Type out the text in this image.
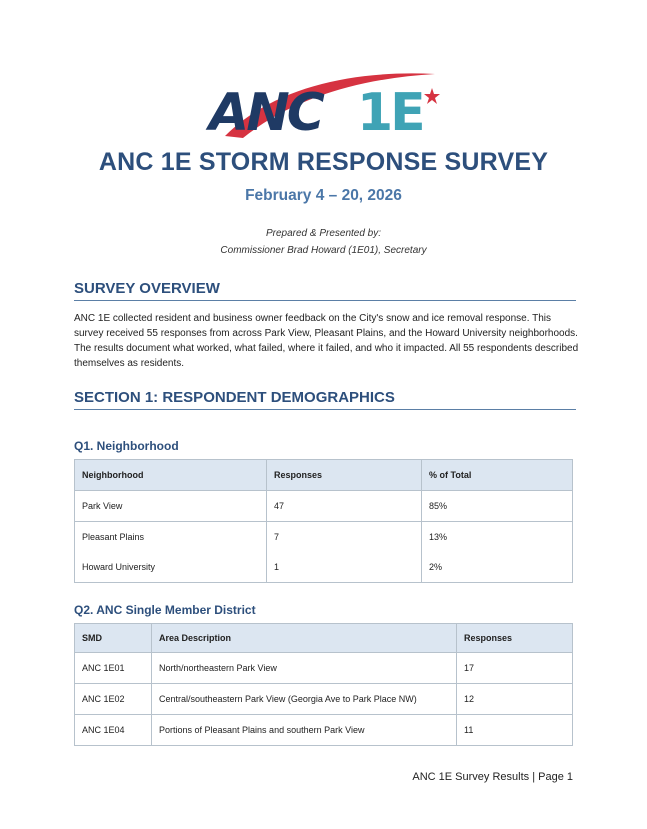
ANC 1E
ANC 1E STORM RESPONSE SURVEY
February 4 – 20, 2026
Prepared & Presented by:
Commissioner Brad Howard (1E01), Secretary
SURVEY OVERVIEW
ANC 1E collected resident and business owner feedback on the City's snow and ice removal response. This survey received 55 responses from across Park View, Pleasant Plains, and the Howard University neighborhoods. The results document what worked, what failed, where it failed, and who it impacted. All 55 respondents described themselves as residents.
SECTION 1: RESPONDENT DEMOGRAPHICS
Q1. Neighborhood
Neighborhood	Responses	% of Total
Park View	47	85%
Pleasant Plains	7	13%
Howard University	1	2%
Q2. ANC Single Member District
SMD	Area Description	Responses
ANC 1E01	North/northeastern Park View	17
ANC 1E02	Central/southeastern Park View (Georgia Ave to Park Place NW)	12
ANC 1E04	Portions of Pleasant Plains and southern Park View	11
ANC 1E Survey Results | Page 1
